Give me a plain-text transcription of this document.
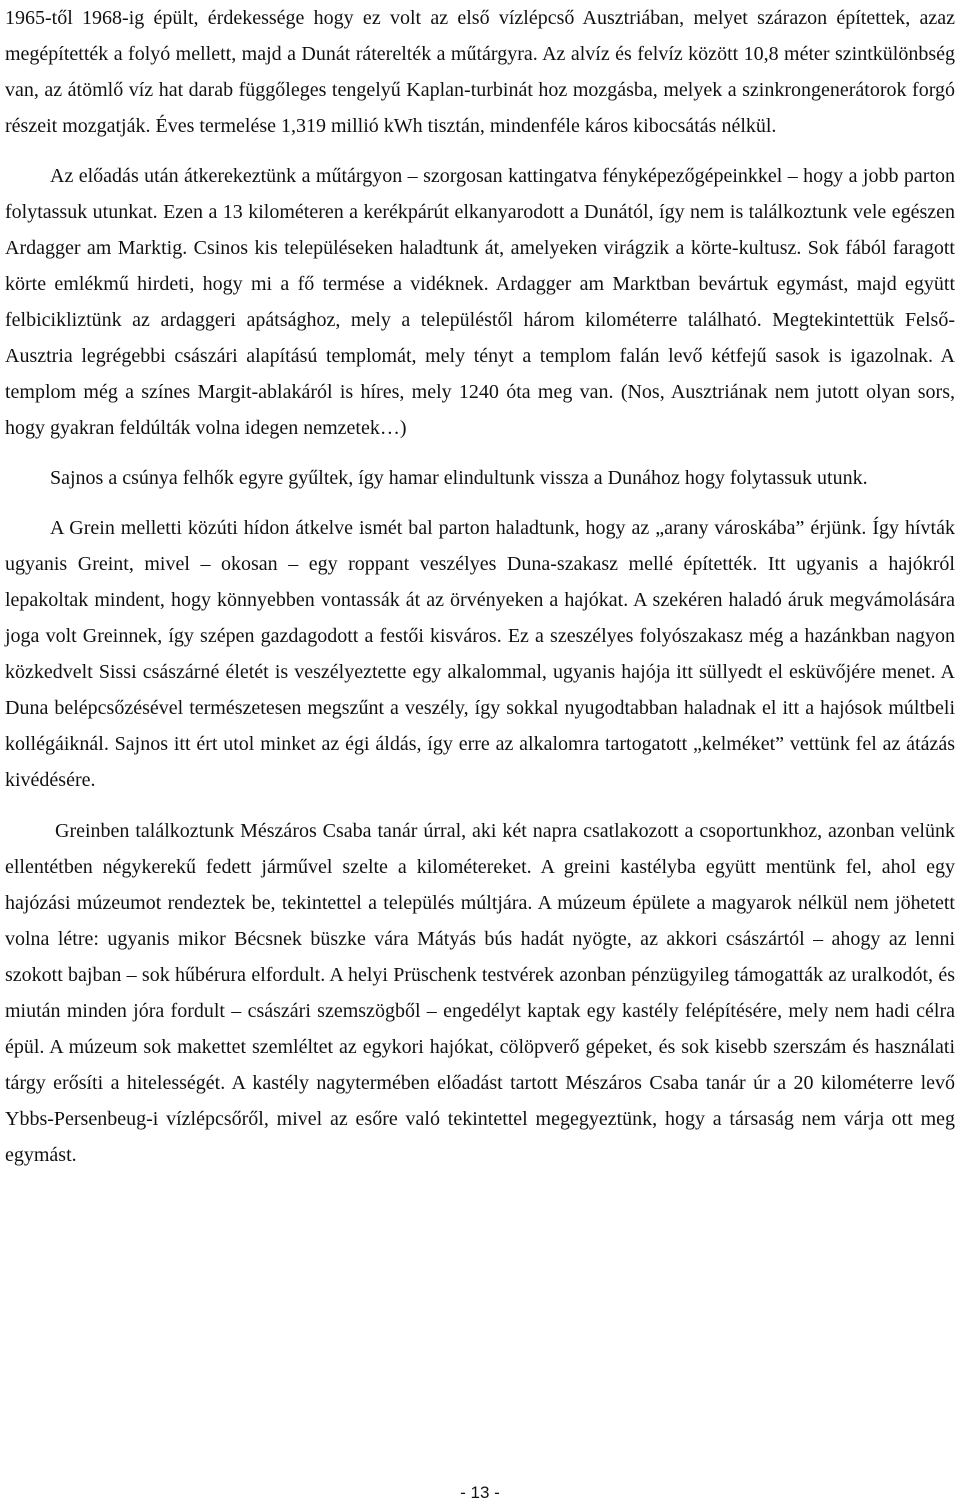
1965-től 1968-ig épült, érdekessége hogy ez volt az első vízlépcső Ausztriában, melyet szárazon építettek, azaz megépítették a folyó mellett, majd a Dunát ráterelték a műtárgyra. Az alvíz és felvíz között 10,8 méter szintkülönbség van, az átömlő víz hat darab függőleges tengelyű Kaplan-turbinát hoz mozgásba, melyek a szinkrongenerátorok forgó részeit mozgatják. Éves termelése 1,319 millió kWh tisztán, mindenféle káros kibocsátás nélkül.

Az előadás után átkerekeztünk a műtárgyon – szorgosan kattingatva fényképezőgépeinkkel – hogy a jobb parton folytassuk utunkat. Ezen a 13 kilométeren a kerékpárút elkanyarodott a Dunától, így nem is találkoztunk vele egészen Ardagger am Marktig. Csinos kis településeken haladtunk át, amelyeken virágzik a körte-kultusz. Sok fából faragott körte emlékmű hirdeti, hogy mi a fő termése a vidéknek. Ardagger am Marktban bevártuk egymást, majd együtt felbicikliztünk az ardaggeri apátsághoz, mely a településtől három kilométerre található. Megtekintettük Felső-Ausztria legrégebbi császári alapítású templomát, mely tényt a templom falán levő kétfejű sasok is igazolnak. A templom még a színes Margit-ablakáról is híres, mely 1240 óta meg van. (Nos, Ausztriának nem jutott olyan sors, hogy gyakran feldúlták volna idegen nemzetek…)

Sajnos a csúnya felhők egyre gyűltek, így hamar elindultunk vissza a Dunához hogy folytassuk utunk.

A Grein melletti közúti hídon átkelve ismét bal parton haladtunk, hogy az „arany városkába” érjünk. Így hívták ugyanis Greint, mivel – okosan – egy roppant veszélyes Duna-szakasz mellé építették. Itt ugyanis a hajókról lepakoltak mindent, hogy könnyebben vontassák át az örvényeken a hajókat. A szekéren haladó áruk megvámolására joga volt Greinnek, így szépen gazdagodott a festői kisváros. Ez a szeszélyes folyószakasz még a hazánkban nagyon közkedvelt Sissi császárné életét is veszélyeztette egy alkalommal, ugyanis hajója itt süllyedt el esküvőjére menet. A Duna belépcsőzésével természetesen megszűnt a veszély, így sokkal nyugodtabban haladnak el itt a hajósok múltbeli kollégáiknál. Sajnos itt ért utol minket az égi áldás, így erre az alkalomra tartogatott „kelméket” vettünk fel az átázás kivédésére.

Greinben találkoztunk Mészáros Csaba tanár úrral, aki két napra csatlakozott a csoportunkhoz, azonban velünk ellentétben négykerekű fedett járművel szelte a kilométereket. A greini kastélyba együtt mentünk fel, ahol egy hajózási múzeumot rendeztek be, tekintettel a település múltjára. A múzeum épülete a magyarok nélkül nem jöhetett volna létre: ugyanis mikor Bécsnek büszke vára Mátyás bús hadát nyögte, az akkori császártól – ahogy az lenni szokott bajban – sok hűbérura elfordult. A helyi Prüschenk testvérek azonban pénzügyileg támogatták az uralkodót, és miután minden jóra fordult – császári szemszögből – engedélyt kaptak egy kastély felépítésére, mely nem hadi célra épül. A múzeum sok makettet szemléltet az egykori hajókat, cölöpverő gépeket, és sok kisebb szerszám és használati tárgy erősíti a hitelességét. A kastély nagytermében előadást tartott Mészáros Csaba tanár úr a 20 kilométerre levő Ybbs-Persenbeug-i vízlépcsőről, mivel az esőre való tekintettel megegyeztünk, hogy a társaság nem várja ott meg egymást.

- 13 -
